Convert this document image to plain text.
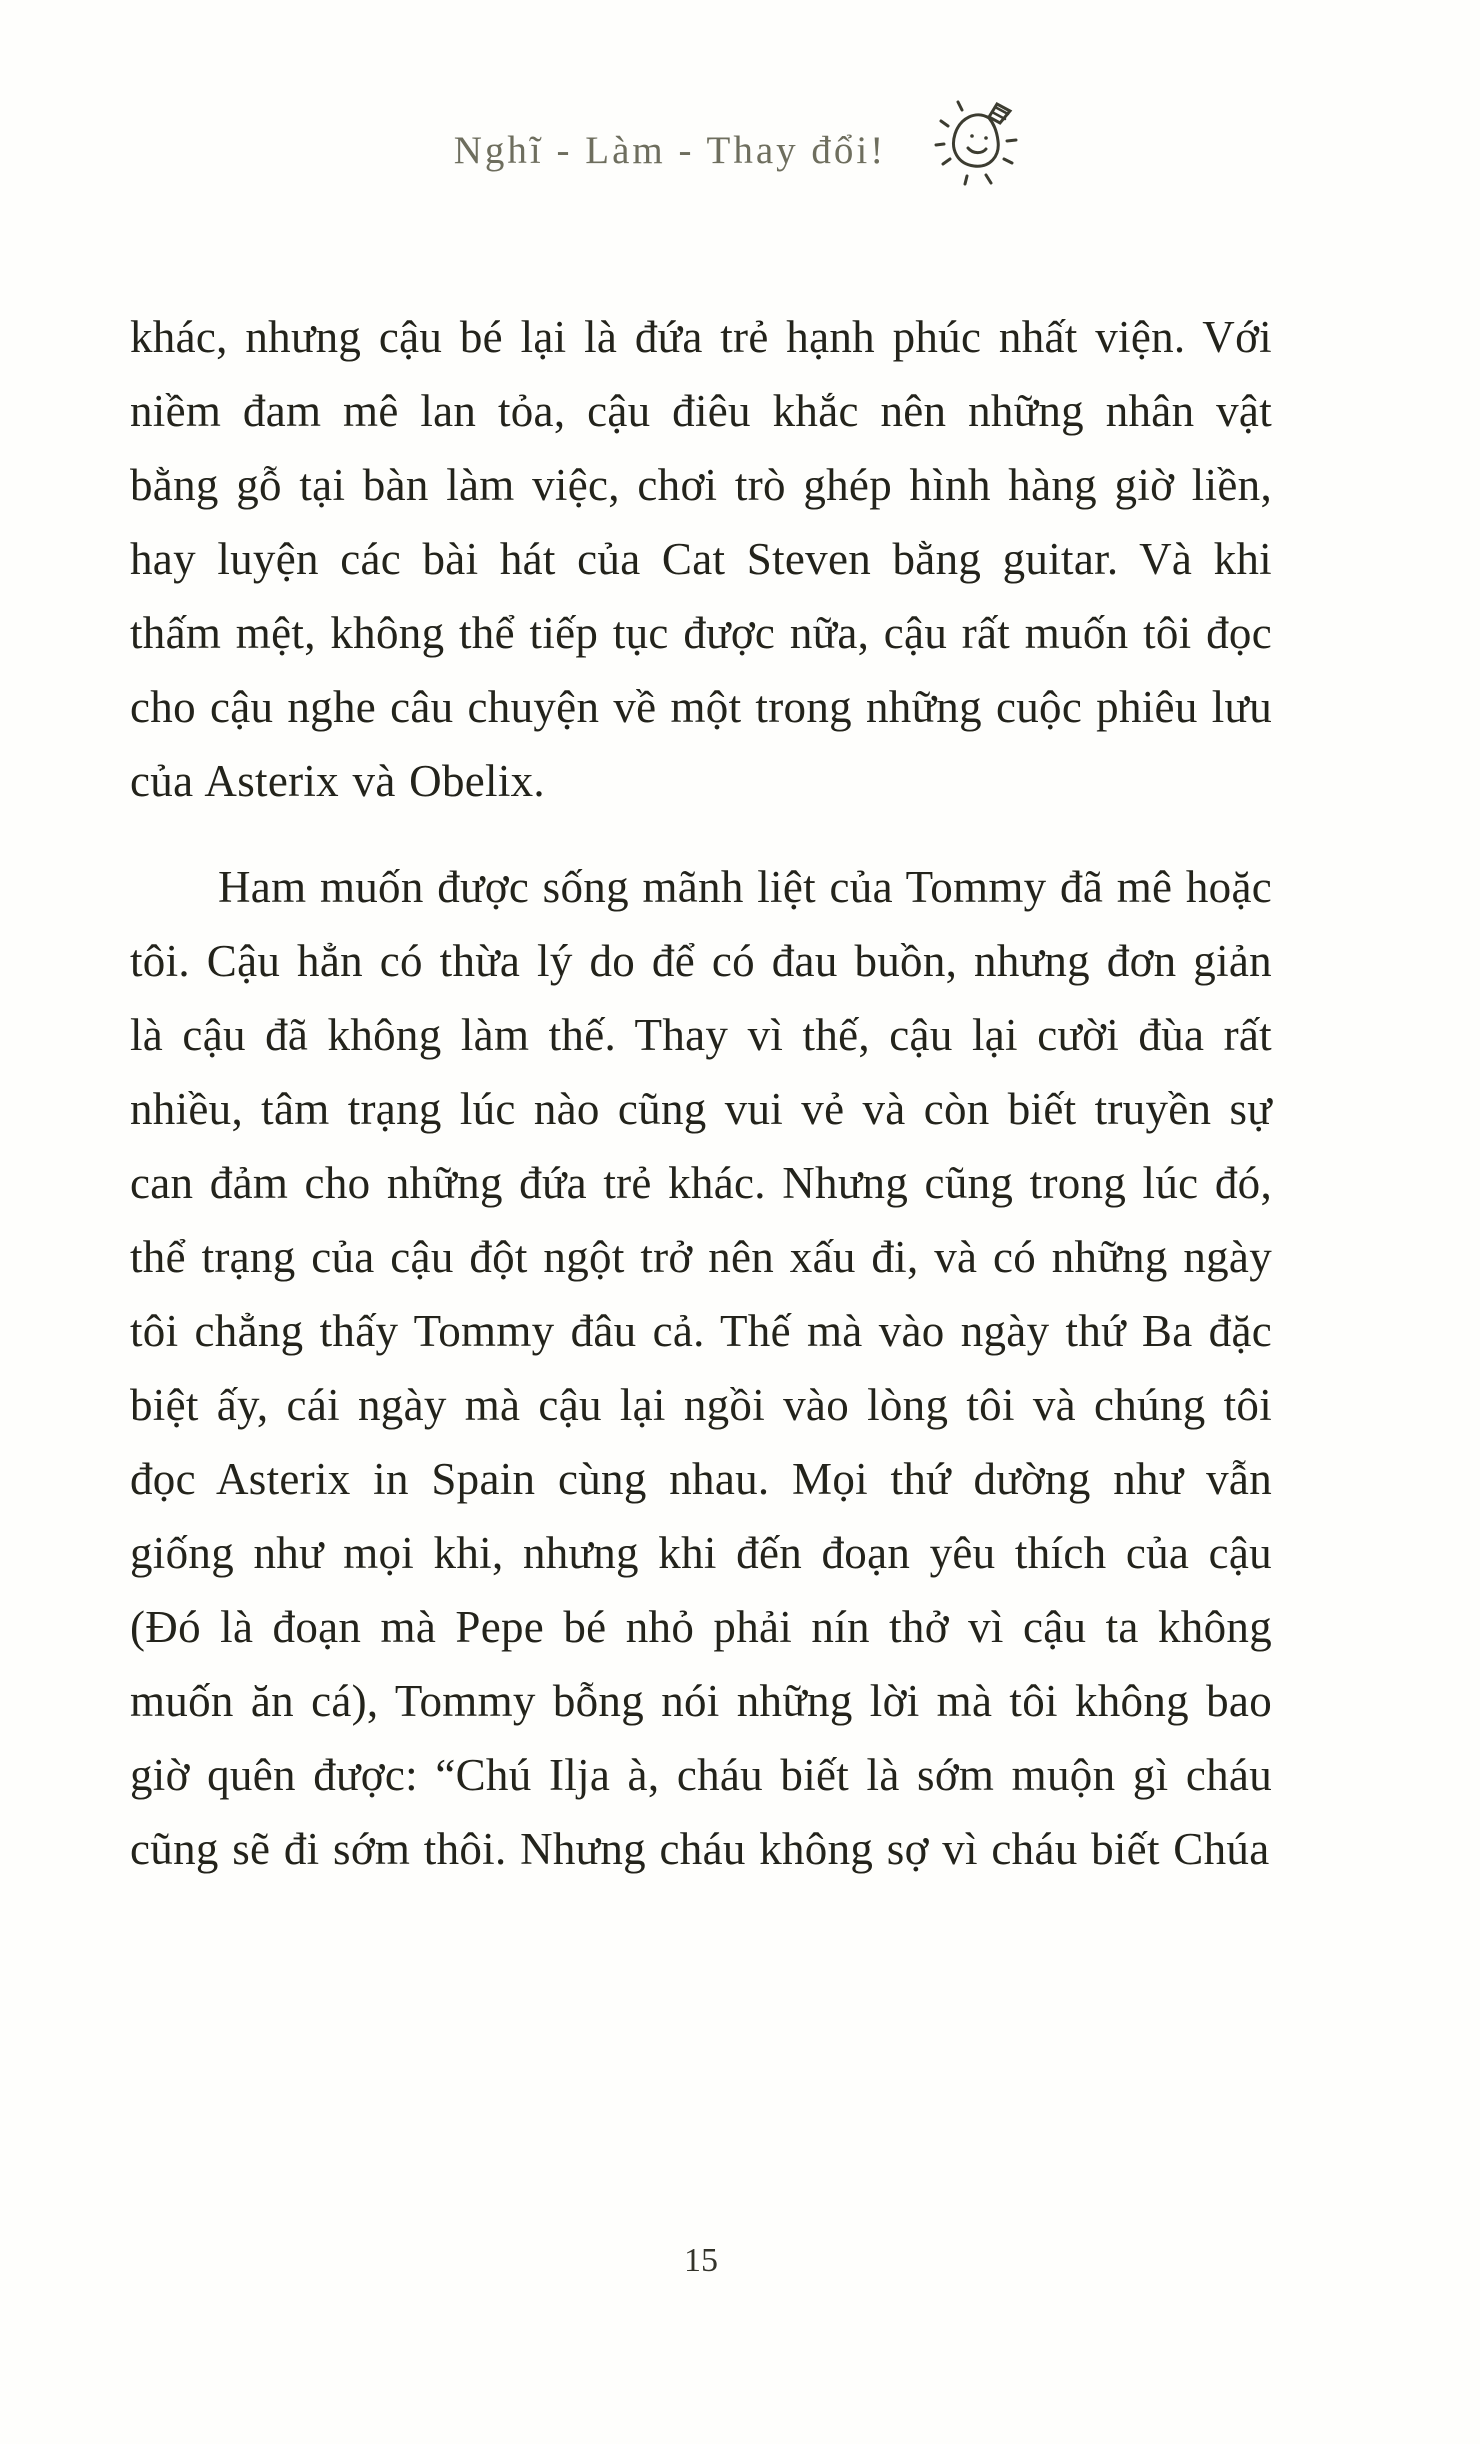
Nghĩ - Làm - Thay đổi!

khác, nhưng cậu bé lại là đứa trẻ hạnh phúc nhất viện. Với niềm đam mê lan tỏa, cậu điêu khắc nên những nhân vật bằng gỗ tại bàn làm việc, chơi trò ghép hình hàng giờ liền, hay luyện các bài hát của Cat Steven bằng guitar. Và khi thấm mệt, không thể tiếp tục được nữa, cậu rất muốn tôi đọc cho cậu nghe câu chuyện về một trong những cuộc phiêu lưu của Asterix và Obelix.

Ham muốn được sống mãnh liệt của Tommy đã mê hoặc tôi. Cậu hẳn có thừa lý do để có đau buồn, nhưng đơn giản là cậu đã không làm thế. Thay vì thế, cậu lại cười đùa rất nhiều, tâm trạng lúc nào cũng vui vẻ và còn biết truyền sự can đảm cho những đứa trẻ khác. Nhưng cũng trong lúc đó, thể trạng của cậu đột ngột trở nên xấu đi, và có những ngày tôi chẳng thấy Tommy đâu cả. Thế mà vào ngày thứ Ba đặc biệt ấy, cái ngày mà cậu lại ngồi vào lòng tôi và chúng tôi đọc Asterix in Spain cùng nhau. Mọi thứ dường như vẫn giống như mọi khi, nhưng khi đến đoạn yêu thích của cậu (Đó là đoạn mà Pepe bé nhỏ phải nín thở vì cậu ta không muốn ăn cá), Tommy bỗng nói những lời mà tôi không bao giờ quên được: “Chú Ilja à, cháu biết là sớm muộn gì cháu cũng sẽ đi sớm thôi. Nhưng cháu không sợ vì cháu biết Chúa

15
